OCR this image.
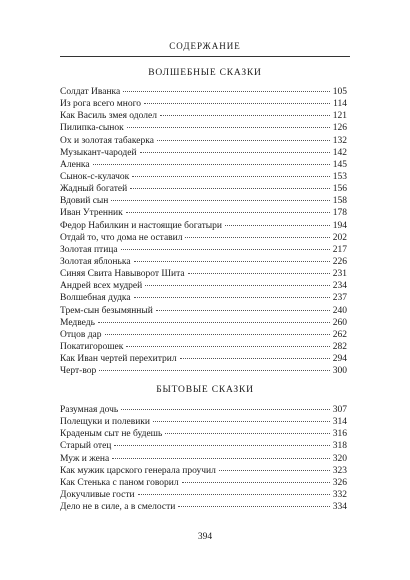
СОДЕРЖАНИЕ
ВОЛШЕБНЫЕ СКАЗКИ
Солдат Иванка	105
Из рога всего много	114
Как Василь змея одолел	121
Пилипка-сынок	126
Ох и золотая табакерка	132
Музыкант-чародей	142
Аленка	145
Сынок-с-кулачок	153
Жадный богатей	156
Вдовий сын	158
Иван Утренник	178
Федор Набилкин и настоящие богатыри	194
Отдай то, что дома не оставил	202
Золотая птица	217
Золотая яблонька	226
Синяя Свита Навыворот Шита	231
Андрей всех мудрей	234
Волшебная дудка	237
Трем-сын безымянный	240
Медведь	260
Отцов дар	262
Покатигорошек	282
Как Иван чертей перехитрил	294
Черт-вор	300
БЫТОВЫЕ СКАЗКИ
Разумная дочь	307
Полещуки и полевики	314
Краденым сыт не будешь	316
Старый отец	318
Муж и жена	320
Как мужик царского генерала проучил	323
Как Стенька с паном говорил	326
Докучливые гости	332
Дело не в силе, а в смелости	334
394
